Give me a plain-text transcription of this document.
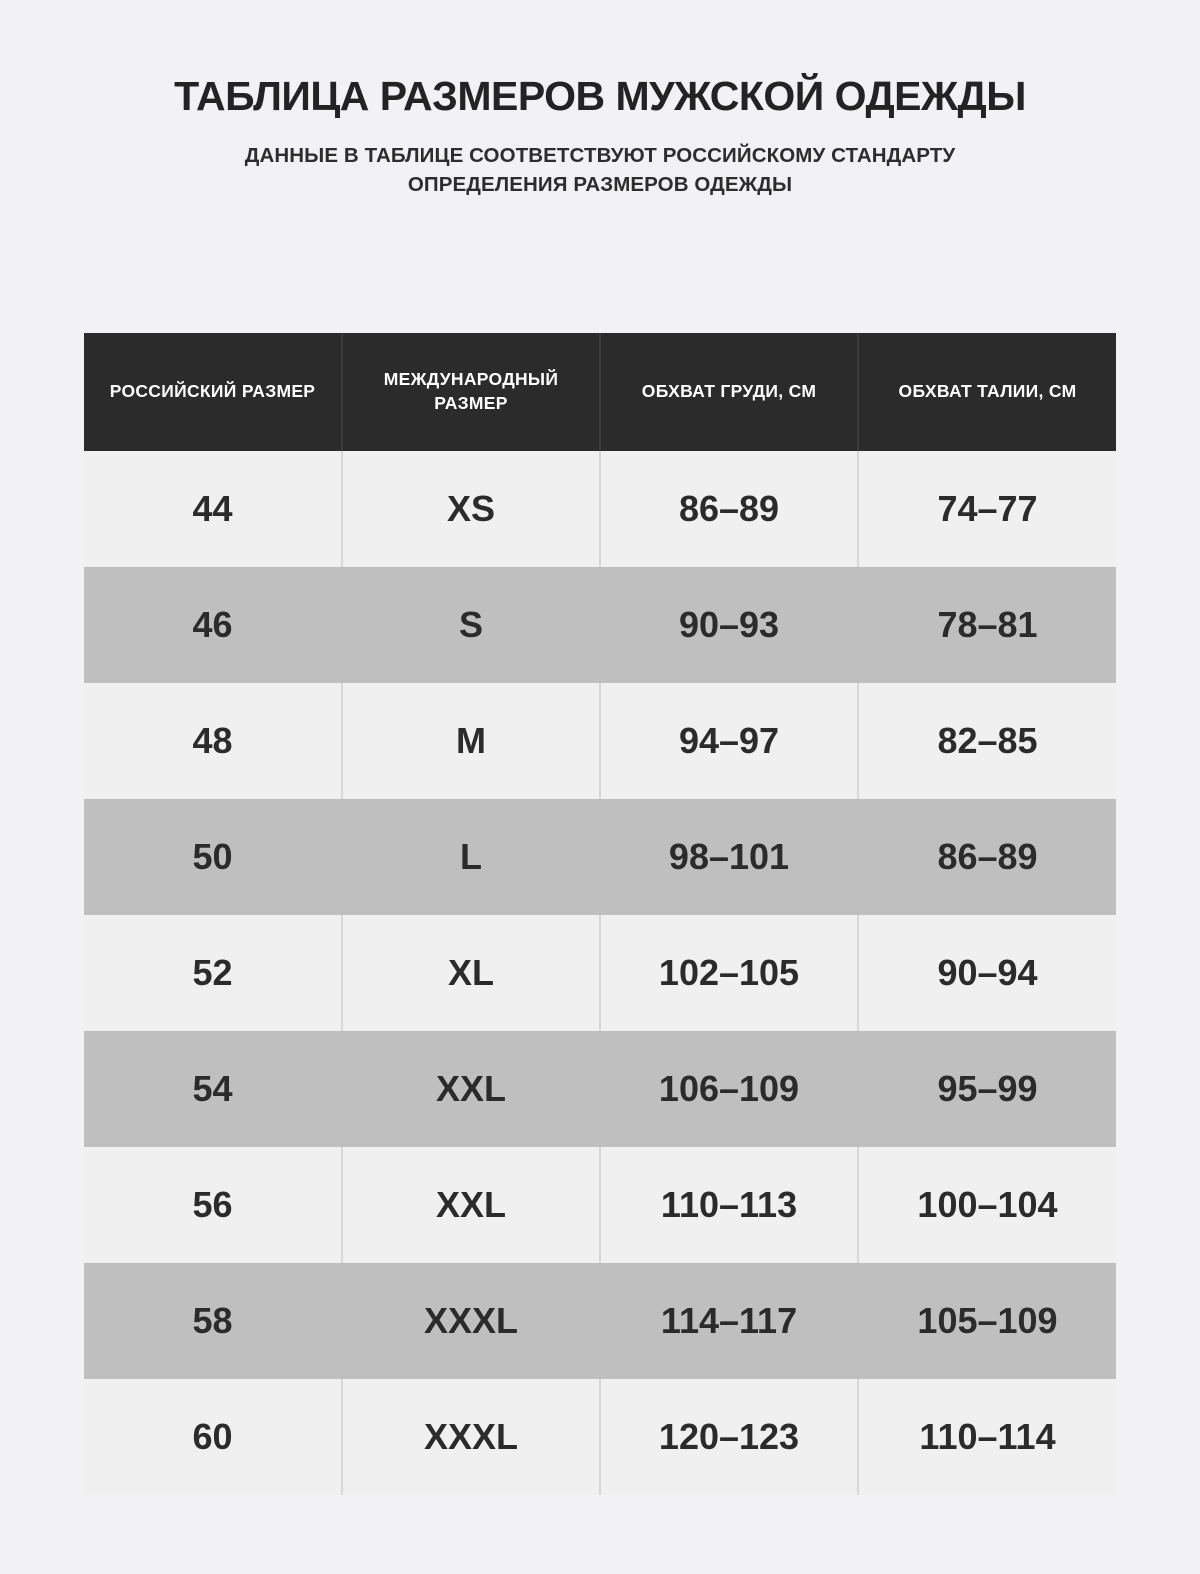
ТАБЛИЦА РАЗМЕРОВ МУЖСКОЙ ОДЕЖДЫ

ДАННЫЕ В ТАБЛИЦЕ СООТВЕТСТВУЮТ РОССИЙСКОМУ СТАНДАРТУ ОПРЕДЕЛЕНИЯ РАЗМЕРОВ ОДЕЖДЫ

РОССИЙСКИЙ РАЗМЕР	МЕЖДУНАРОДНЫЙ РАЗМЕР	ОБХВАТ ГРУДИ, СМ	ОБХВАТ ТАЛИИ, СМ
44	XS	86–89	74–77
46	S	90–93	78–81
48	M	94–97	82–85
50	L	98–101	86–89
52	XL	102–105	90–94
54	XXL	106–109	95–99
56	XXL	110–113	100–104
58	XXXL	114–117	105–109
60	XXXL	120–123	110–114
